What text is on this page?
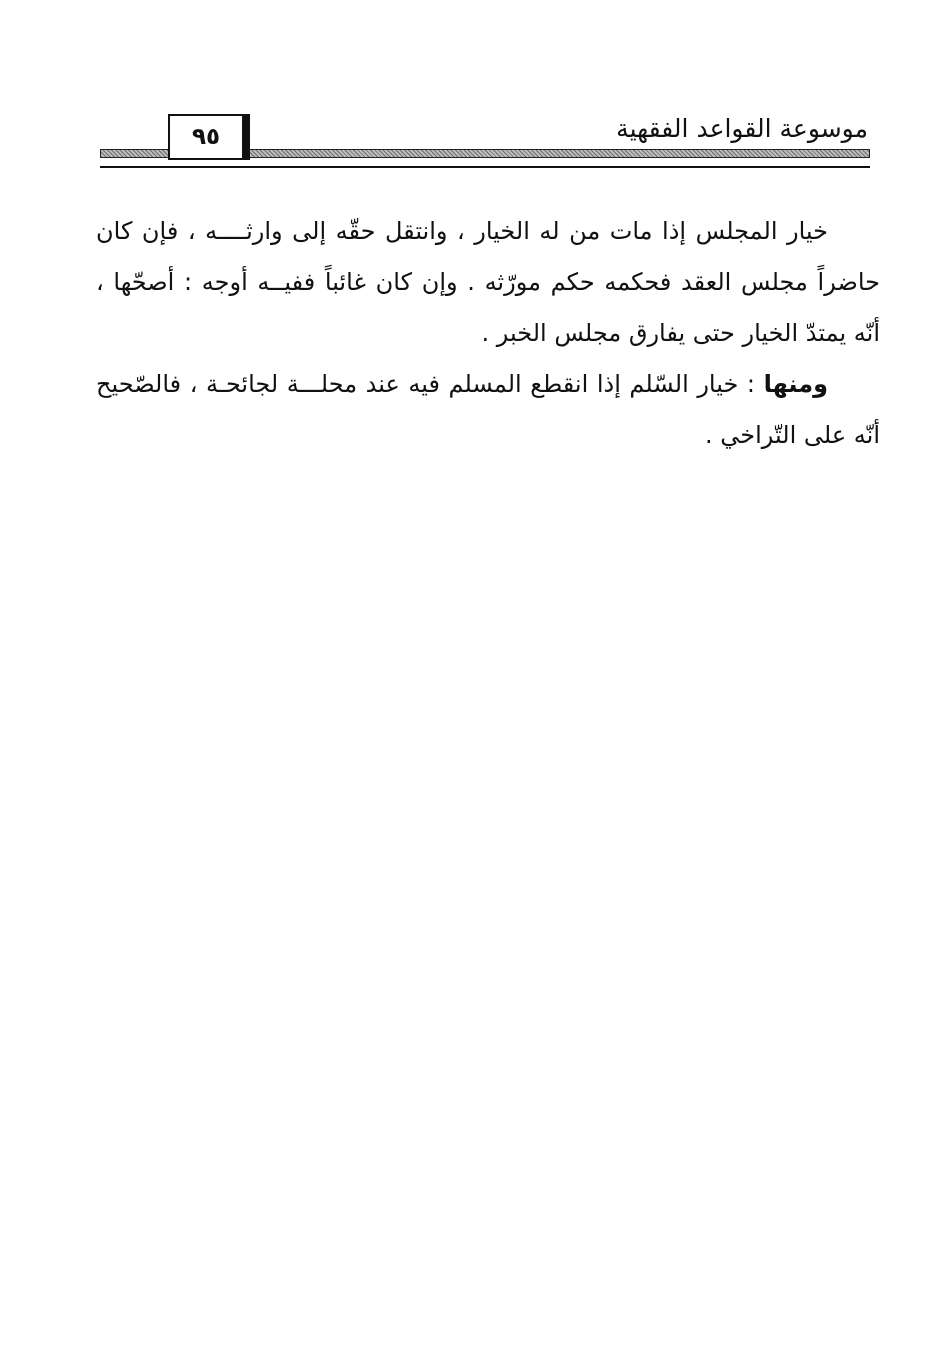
موسوعة القواعد الفقهية
٩٥

خيار المجلس إذا مات من له الخيار ، وانتقل حقّه إلى وارثــــه ، فإن كان حاضراً مجلس العقد فحكمه حكم مورّثه . وإن كان غائباً ففيــه أوجه : أصحّها ، أنّه يمتدّ الخيار حتى يفارق مجلس الخبر .

ومنها : خيار السّلم إذا انقطع المسلم فيه عند محلـــة لجائحـة ، فالصّحيح أنّه على التّراخي .
